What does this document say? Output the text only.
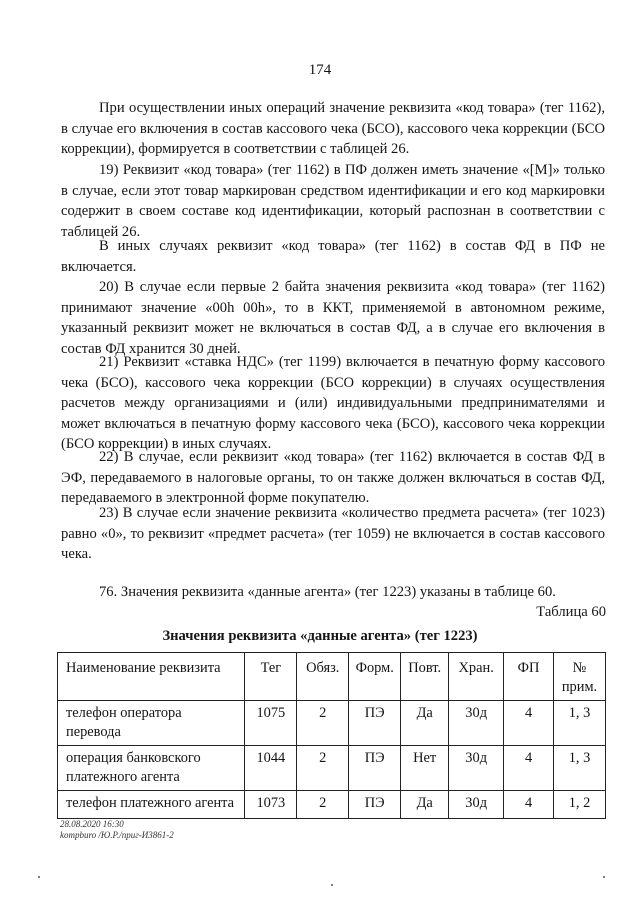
174
При осуществлении иных операций значение реквизита «код товара» (тег 1162), в случае его включения в состав кассового чека (БСО), кассового чека коррекции (БСО коррекции), формируется в соответствии с таблицей 26.
19) Реквизит «код товара» (тег 1162) в ПФ должен иметь значение «[М]» только в случае, если этот товар маркирован средством идентификации и его код маркировки содержит в своем составе код идентификации, который распознан в соответствии с таблицей 26.
В иных случаях реквизит «код товара» (тег 1162) в состав ФД в ПФ не включается.
20) В случае если первые 2 байта значения реквизита «код товара» (тег 1162) принимают значение «00h 00h», то в ККТ, применяемой в автономном режиме, указанный реквизит может не включаться в состав ФД, а в случае его включения в состав ФД хранится 30 дней.
21) Реквизит «ставка НДС» (тег 1199) включается в печатную форму кассового чека (БСО), кассового чека коррекции (БСО коррекции) в случаях осуществления расчетов между организациями и (или) индивидуальными предпринимателями и может включаться в печатную форму кассового чека (БСО), кассового чека коррекции (БСО коррекции) в иных случаях.
22) В случае, если реквизит «код товара» (тег 1162) включается в состав ФД в ЭФ, передаваемого в налоговые органы, то он также должен включаться в состав ФД, передаваемого в электронной форме покупателю.
23) В случае если значение реквизита «количество предмета расчета» (тег 1023) равно «0», то реквизит «предмет расчета» (тег 1059) не включается в состав кассового чека.
76. Значения реквизита «данные агента» (тег 1223) указаны в таблице 60.
Таблица 60
Значения реквизита «данные агента» (тег 1223)
Наименование реквизита	Тег	Обяз.	Форм.	Повт.	Хран.	ФП	№ прим.
телефон оператора перевода	1075	2	ПЭ	Да	30д	4	1, 3
операция банковского платежного агента	1044	2	ПЭ	Нет	30д	4	1, 3
телефон платежного агента	1073	2	ПЭ	Да	30д	4	1, 2
28.08.2020 16:30
kompburo /Ю.Р./приг-И3861-2
